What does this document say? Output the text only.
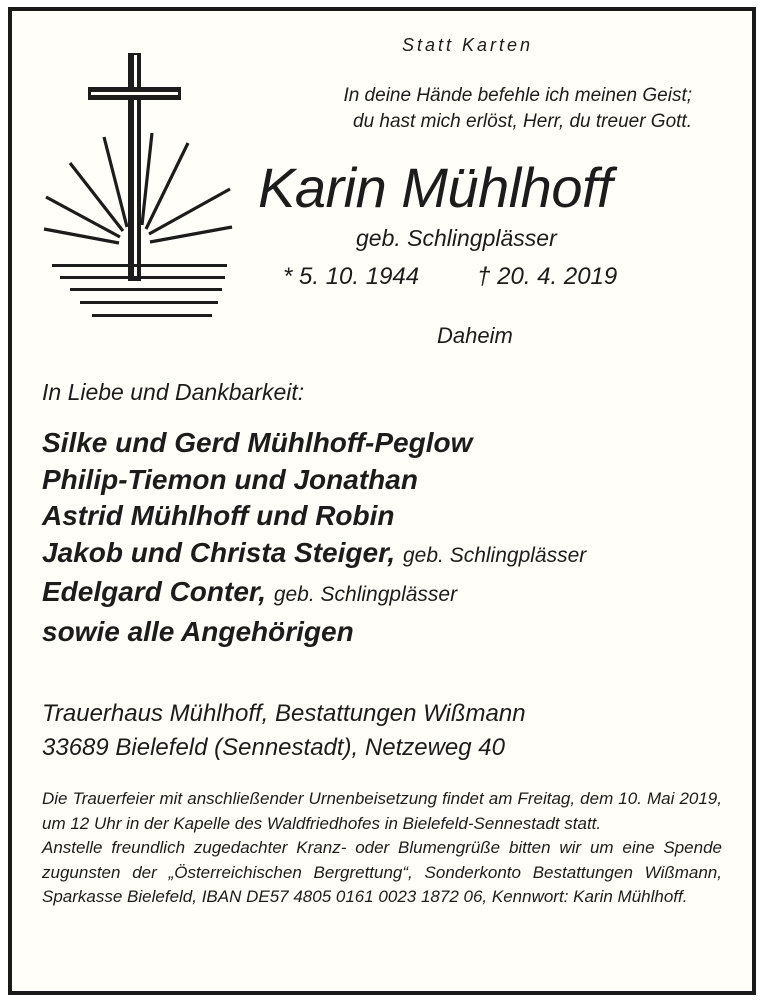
Statt Karten

In deine Hände befehle ich meinen Geist;
du hast mich erlöst, Herr, du treuer Gott.

Karin Mühlhoff

geb. Schlingplässer

* 5. 10. 1944 † 20. 4. 2019

Daheim

In Liebe und Dankbarkeit:

Silke und Gerd Mühlhoff-Peglow
Philip-Tiemon und Jonathan
Astrid Mühlhoff und Robin
Jakob und Christa Steiger, geb. Schlingplässer
Edelgard Conter, geb. Schlingplässer
sowie alle Angehörigen
Trauerhaus Mühlhoff, Bestattungen Wißmann
33689 Bielefeld (Sennestadt), Netzeweg 40

Die Trauerfeier mit anschließender Urnenbeisetzung findet am Freitag, dem 10. Mai 2019, um 12 Uhr in der Kapelle des Waldfriedhofes in Bielefeld-Sennestadt statt.

Anstelle freundlich zugedachter Kranz- oder Blumengrüße bitten wir um eine Spende zugunsten der „Österreichischen Bergrettung“, Sonderkonto Bestattungen Wißmann, Sparkasse Bielefeld, IBAN DE57 4805 0161 0023 1872 06, Kennwort: Karin Mühlhoff.
